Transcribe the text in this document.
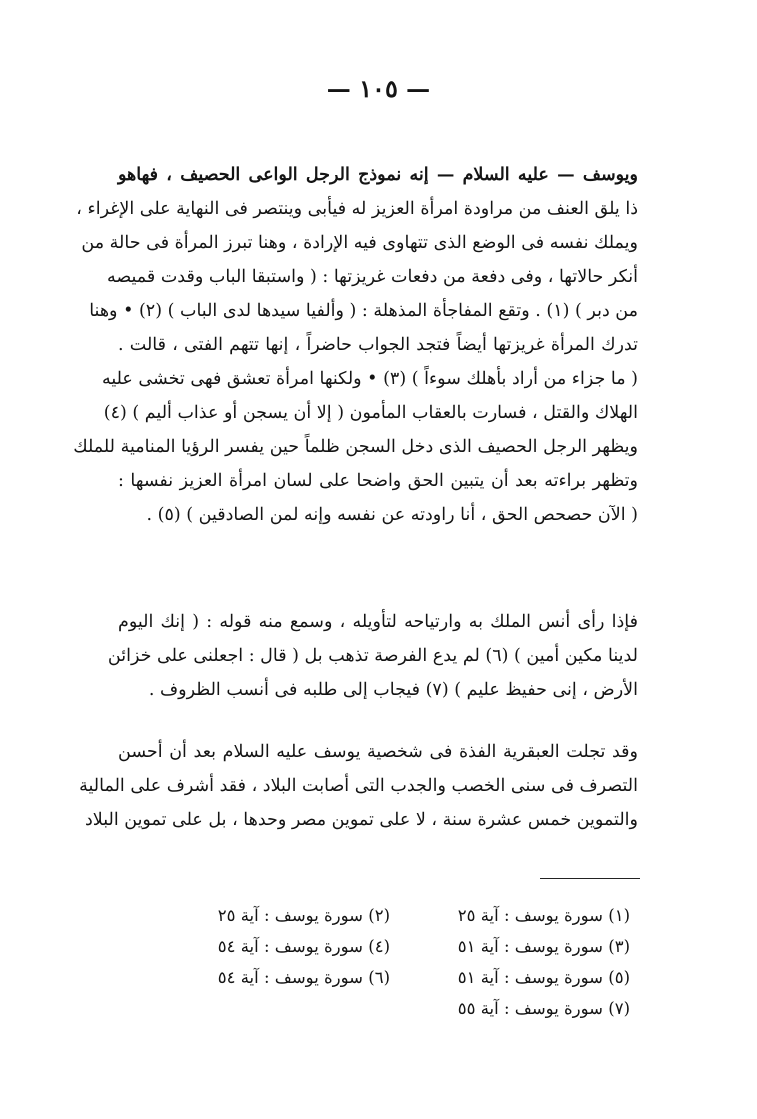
— ١٠٥ —
ويوسف — عليه السلام — إنه نموذج الرجل الواعى الحصيف ، فهاهو
ذا يلق العنف من مراودة امرأة العزيز له فيأبى وينتصر فى النهاية على الإغراء ،
ويملك نفسه فى الوضع الذى تتهاوى فيه الإرادة ، وهنا تبرز المرأة فى حالة من
أنكر حالاتها ، وفى دفعة من دفعات غريزتها : ( واستبقا الباب وقدت قميصه
من دبر ) (١) . وتقع المفاجأة المذهلة : ( وألفيا سيدها لدى الباب ) (٢) • وهنا
تدرك المرأة غريزتها أيضاً فتجد الجواب حاضراً ، إنها تتهم الفتى ، قالت .
( ما جزاء من أراد بأهلك سوءاً ) (٣) • ولكنها امرأة تعشق فهى تخشى عليه
الهلاك والقتل ، فسارت بالعقاب المأمون ( إلا أن يسجن أو عذاب أليم ) (٤)
ويظهر الرجل الحصيف الذى دخل السجن ظلماً حين يفسر الرؤيا المنامية للملك
وتظهر براءته بعد أن يتبين الحق واضحا على لسان امرأة العزيز نفسها :
( الآن حصحص الحق ، أنا راودته عن نفسه وإنه لمن الصادقين ) (٥) .
فإذا رأى أنس الملك به وارتياحه لتأويله ، وسمع منه قوله : ( إنك اليوم
لدينا مكين أمين ) (٦) لم يدع الفرصة تذهب بل ( قال : اجعلنى على خزائن
الأرض ، إنى حفيظ عليم ) (٧) فيجاب إلى طلبه فى أنسب الظروف .
وقد تجلت العبقرية الفذة فى شخصية يوسف عليه السلام بعد أن أحسن
التصرف فى سنى الخصب والجدب التى أصابت البلاد ، فقد أشرف على المالية
والتموين خمس عشرة سنة ، لا على تموين مصر وحدها ، بل على تموين البلاد
(١) سورة يوسف : آية ٢٥
(٢) سورة يوسف : آية ٢٥
(٣) سورة يوسف : آية ٥١
(٤) سورة يوسف : آية ٥٤
(٥) سورة يوسف : آية ٥١
(٦) سورة يوسف : آية ٥٤
(٧) سورة يوسف : آية ٥٥
